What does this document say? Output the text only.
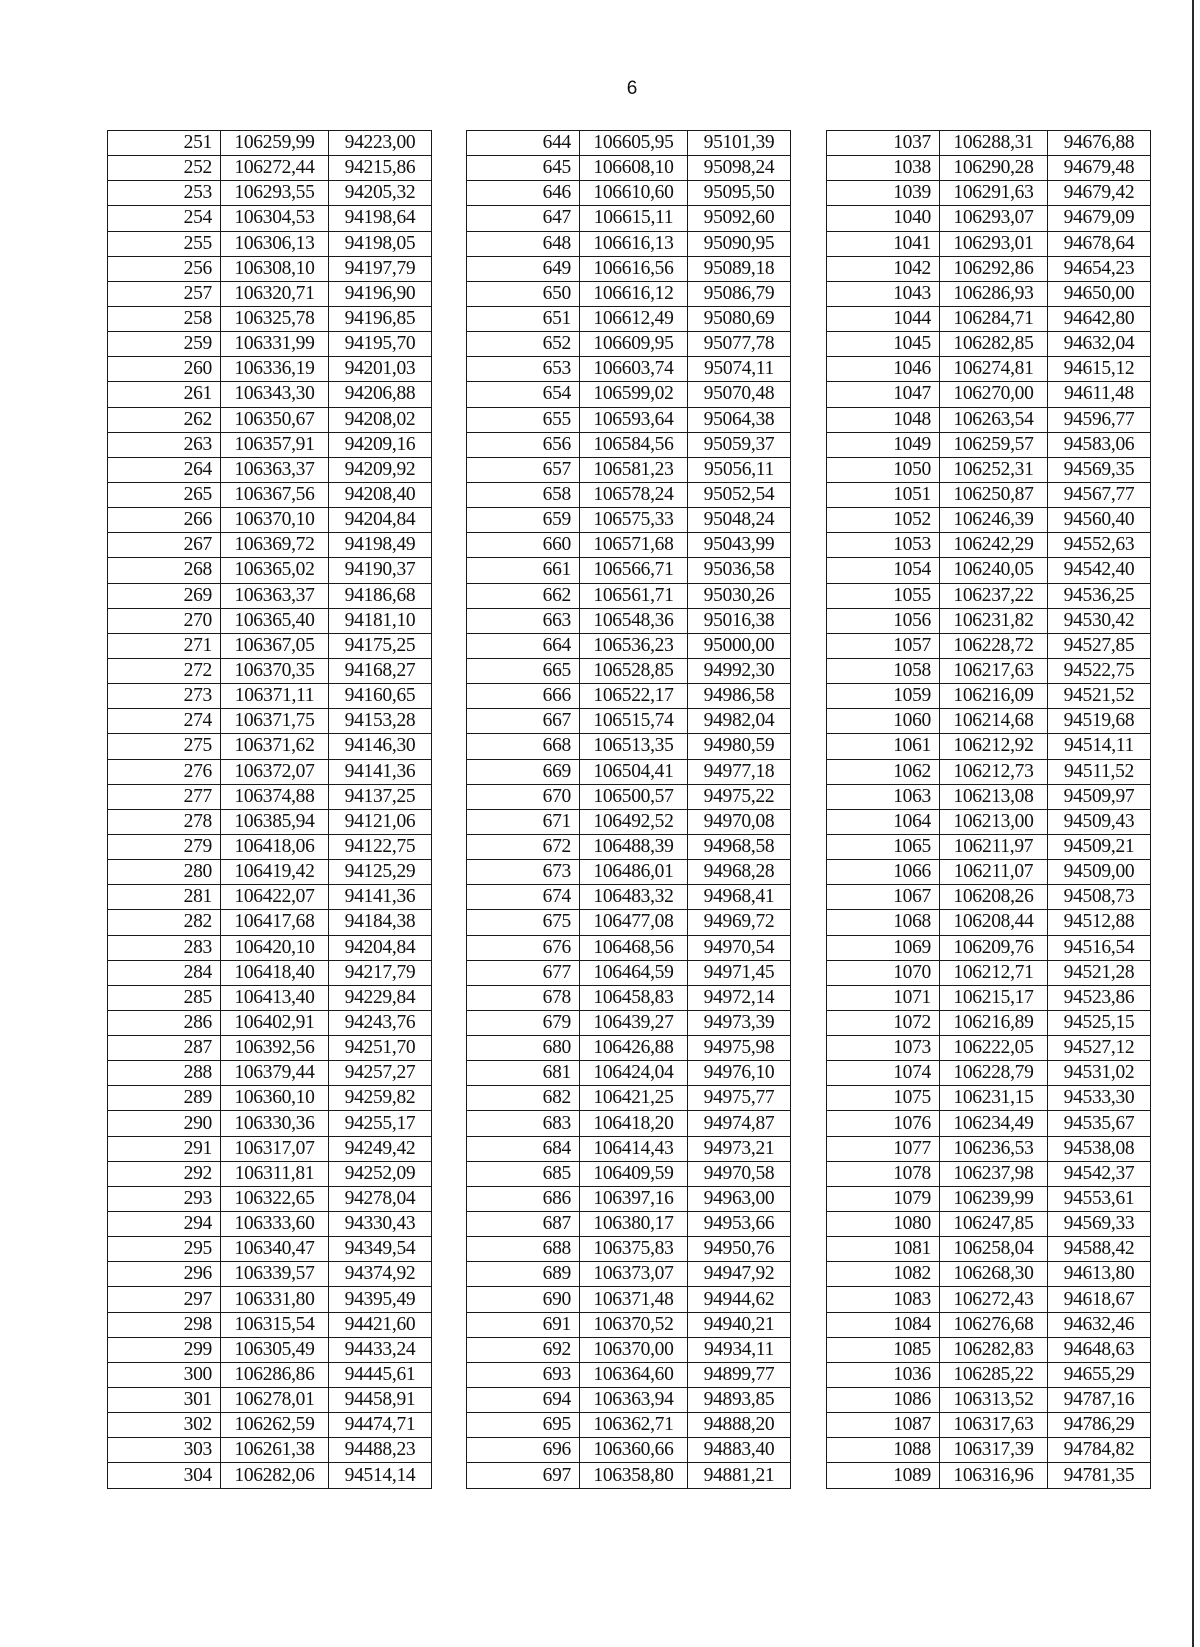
6
251	106259,99	94223,00
252	106272,44	94215,86
253	106293,55	94205,32
254	106304,53	94198,64
255	106306,13	94198,05
256	106308,10	94197,79
257	106320,71	94196,90
258	106325,78	94196,85
259	106331,99	94195,70
260	106336,19	94201,03
261	106343,30	94206,88
262	106350,67	94208,02
263	106357,91	94209,16
264	106363,37	94209,92
265	106367,56	94208,40
266	106370,10	94204,84
267	106369,72	94198,49
268	106365,02	94190,37
269	106363,37	94186,68
270	106365,40	94181,10
271	106367,05	94175,25
272	106370,35	94168,27
273	106371,11	94160,65
274	106371,75	94153,28
275	106371,62	94146,30
276	106372,07	94141,36
277	106374,88	94137,25
278	106385,94	94121,06
279	106418,06	94122,75
280	106419,42	94125,29
281	106422,07	94141,36
282	106417,68	94184,38
283	106420,10	94204,84
284	106418,40	94217,79
285	106413,40	94229,84
286	106402,91	94243,76
287	106392,56	94251,70
288	106379,44	94257,27
289	106360,10	94259,82
290	106330,36	94255,17
291	106317,07	94249,42
292	106311,81	94252,09
293	106322,65	94278,04
294	106333,60	94330,43
295	106340,47	94349,54
296	106339,57	94374,92
297	106331,80	94395,49
298	106315,54	94421,60
299	106305,49	94433,24
300	106286,86	94445,61
301	106278,01	94458,91
302	106262,59	94474,71
303	106261,38	94488,23
304	106282,06	94514,14
644	106605,95	95101,39
645	106608,10	95098,24
646	106610,60	95095,50
647	106615,11	95092,60
648	106616,13	95090,95
649	106616,56	95089,18
650	106616,12	95086,79
651	106612,49	95080,69
652	106609,95	95077,78
653	106603,74	95074,11
654	106599,02	95070,48
655	106593,64	95064,38
656	106584,56	95059,37
657	106581,23	95056,11
658	106578,24	95052,54
659	106575,33	95048,24
660	106571,68	95043,99
661	106566,71	95036,58
662	106561,71	95030,26
663	106548,36	95016,38
664	106536,23	95000,00
665	106528,85	94992,30
666	106522,17	94986,58
667	106515,74	94982,04
668	106513,35	94980,59
669	106504,41	94977,18
670	106500,57	94975,22
671	106492,52	94970,08
672	106488,39	94968,58
673	106486,01	94968,28
674	106483,32	94968,41
675	106477,08	94969,72
676	106468,56	94970,54
677	106464,59	94971,45
678	106458,83	94972,14
679	106439,27	94973,39
680	106426,88	94975,98
681	106424,04	94976,10
682	106421,25	94975,77
683	106418,20	94974,87
684	106414,43	94973,21
685	106409,59	94970,58
686	106397,16	94963,00
687	106380,17	94953,66
688	106375,83	94950,76
689	106373,07	94947,92
690	106371,48	94944,62
691	106370,52	94940,21
692	106370,00	94934,11
693	106364,60	94899,77
694	106363,94	94893,85
695	106362,71	94888,20
696	106360,66	94883,40
697	106358,80	94881,21
1037	106288,31	94676,88
1038	106290,28	94679,48
1039	106291,63	94679,42
1040	106293,07	94679,09
1041	106293,01	94678,64
1042	106292,86	94654,23
1043	106286,93	94650,00
1044	106284,71	94642,80
1045	106282,85	94632,04
1046	106274,81	94615,12
1047	106270,00	94611,48
1048	106263,54	94596,77
1049	106259,57	94583,06
1050	106252,31	94569,35
1051	106250,87	94567,77
1052	106246,39	94560,40
1053	106242,29	94552,63
1054	106240,05	94542,40
1055	106237,22	94536,25
1056	106231,82	94530,42
1057	106228,72	94527,85
1058	106217,63	94522,75
1059	106216,09	94521,52
1060	106214,68	94519,68
1061	106212,92	94514,11
1062	106212,73	94511,52
1063	106213,08	94509,97
1064	106213,00	94509,43
1065	106211,97	94509,21
1066	106211,07	94509,00
1067	106208,26	94508,73
1068	106208,44	94512,88
1069	106209,76	94516,54
1070	106212,71	94521,28
1071	106215,17	94523,86
1072	106216,89	94525,15
1073	106222,05	94527,12
1074	106228,79	94531,02
1075	106231,15	94533,30
1076	106234,49	94535,67
1077	106236,53	94538,08
1078	106237,98	94542,37
1079	106239,99	94553,61
1080	106247,85	94569,33
1081	106258,04	94588,42
1082	106268,30	94613,80
1083	106272,43	94618,67
1084	106276,68	94632,46
1085	106282,83	94648,63
1036	106285,22	94655,29
1086	106313,52	94787,16
1087	106317,63	94786,29
1088	106317,39	94784,82
1089	106316,96	94781,35
